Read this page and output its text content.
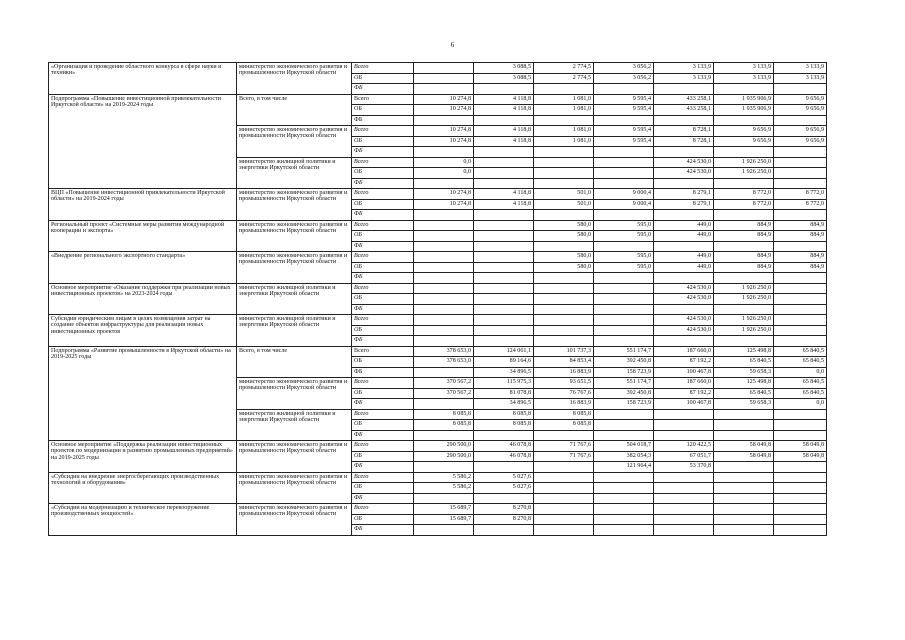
6
«Организация и проведение областного конкурса в сфере науки и техники»	министерство экономического развития и промышленности Иркутской области	Всего		3 088,5	2 774,5	3 056,2	3 133,9	3 133,9	3 133,9
		ОБ		3 088,5	2 774,5	3 056,2	3 133,9	3 133,9	3 133,9
		ФБ							
Подпрограмма «Повышение инвестиционной привлекательности Иркутской области» на 2019-2024 годы	Всего, в том числе	Всего	10 274,8	4 118,8	1 081,0	9 595,4	433 258,1	1 935 906,9	9 656,9
		ОБ	10 274,8	4 118,8	1 081,0	9 595,4	433 258,1	1 935 906,9	9 656,9
		ФБ							
	министерство экономического развития и промышленности Иркутской области	Всего	10 274,8	4 118,8	1 081,0	9 595,4	8 728,1	9 656,9	9 656,9
		ОБ	10 274,8	4 118,8	1 081,0	9 595,4	8 728,1	9 656,9	9 656,9
		ФБ							
	министерство жилищной политики и энергетики Иркутской области	Всего	0,0				424 530,0	1 926 250,0	
		ОБ	0,0				424 530,0	1 926 250,0	
		ФБ							
ВЦП «Повышение инвестиционной привлекательности Иркутской области» на 2019-2024 годы	министерство экономического развития и промышленности Иркутской области	Всего	10 274,8	4 118,8	501,0	9 000,4	8 279,1	8 772,0	8 772,0
		ОБ	10 274,8	4 118,8	501,0	9 000,4	8 279,1	8 772,0	8 772,0
		ФБ							
Региональный проект «Системные меры развития международной кооперации и экспорта»	министерство экономического развития и промышленности Иркутской области	Всего			580,0	595,0	449,0	884,9	884,9
		ОБ			580,0	595,0	449,0	884,9	884,9
		ФБ							
«Внедрение регионального экспортного стандарта»	министерство экономического развития и промышленности Иркутской области	Всего			580,0	595,0	449,0	884,9	884,9
		ОБ			580,0	595,0	449,0	884,9	884,9
		ФБ							
Основное мероприятие «Оказание поддержки при реализации новых инвестиционных проектов» на 2023-2024 годы	министерство жилищной политики и энергетики Иркутской области	Всего					424 530,0	1 926 250,0	
		ОБ					424 530,0	1 926 250,0	
		ФБ							
Субсидии юридическим лицам в целях возмещения затрат на создание объектов инфраструктуры для реализации новых инвестиционных проектов	министерство жилищной политики и энергетики Иркутской области	Всего					424 530,0	1 926 250,0	
		ОБ					424 530,0	1 926 250,0	
		ФБ							
Подпрограмма «Развитие промышленности в Иркутской области» на 2019-2025 годы	Всего, в том числе	Всего	378 653,0	124 061,1	101 737,3	551 174,7	187 660,0	125 498,8	65 840,5
		ОБ	378 653,0	89 164,6	84 853,4	392 450,8	87 192,2	65 840,5	65 840,5
		ФБ		34 896,5	16 883,9	158 723,9	100 467,8	59 658,3	0,0
	министерство экономического развития и промышленности Иркутской области	Всего	370 567,2	115 975,3	93 651,5	551 174,7	187 660,0	125 498,8	65 840,5
		ОБ	370 567,2	81 078,8	76 767,6	392 450,8	87 192,2	65 840,5	65 840,5
		ФБ		34 896,5	16 883,9	158 723,9	100 467,8	59 658,3	0,0
	министерство жилищной политики и энергетики Иркутской области	Всего	8 085,8	8 085,8	8 085,8				
		ОБ	8 085,8	8 085,8	8 085,8				
		ФБ							
Основное мероприятие «Поддержка реализации инвестиционных проектов по модернизации и развитию промышленных предприятий» на 2019-2025 годы	министерство экономического развития и промышленности Иркутской области	Всего	290 500,0	46 078,8	71 767,6	504 018,7	120 422,5	58 049,8	58 049,8
		ОБ	290 500,0	46 078,8	71 767,6	382 054,3	67 051,7	58 049,8	58 049,8
		ФБ				121 964,4	53 370,8		
«Субсидии на внедрение энергосберегающих производственных технологий и оборудования»	министерство экономического развития и промышленности Иркутской области	Всего	5 586,2	5 027,6					
		ОБ	5 586,2	5 027,6					
		ФБ							
«Субсидии на модернизацию и техническое перевооружение производственных мощностей»	министерство экономического развития и промышленности Иркутской области	Всего	15 689,7	8 270,8					
		ОБ	15 689,7	8 270,8					
		ФБ							
